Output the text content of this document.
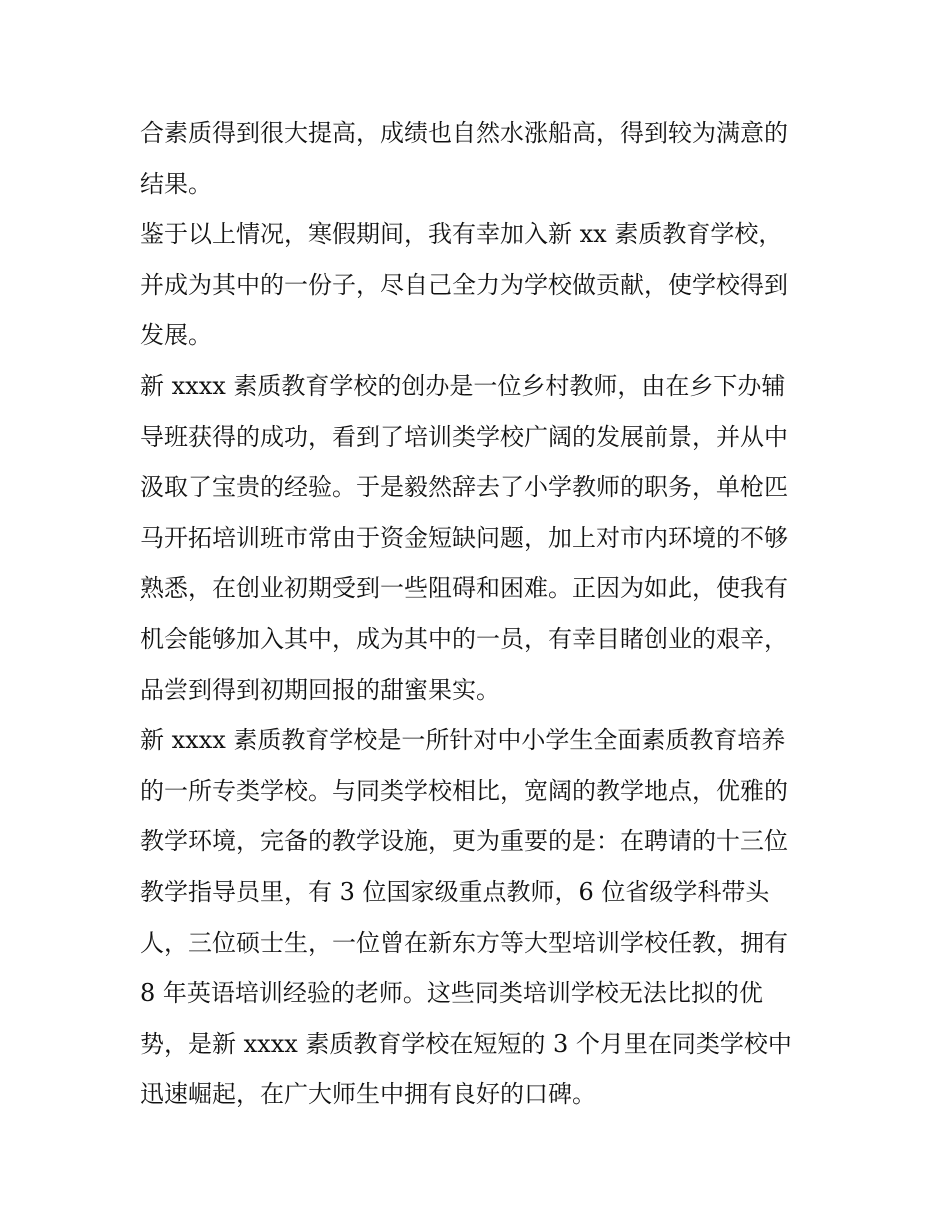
合素质得到很大提高，成绩也自然水涨船高，得到较为满意的
结果。
鉴于以上情况，寒假期间，我有幸加入新 xx 素质教育学校，
并成为其中的一份子，尽自己全力为学校做贡献，使学校得到
发展。
新 xxxx 素质教育学校的创办是一位乡村教师，由在乡下办辅
导班获得的成功，看到了培训类学校广阔的发展前景，并从中
汲取了宝贵的经验。于是毅然辞去了小学教师的职务，单枪匹
马开拓培训班市常由于资金短缺问题，加上对市内环境的不够
熟悉，在创业初期受到一些阻碍和困难。正因为如此，使我有
机会能够加入其中，成为其中的一员，有幸目睹创业的艰辛，
品尝到得到初期回报的甜蜜果实。
新 xxxx 素质教育学校是一所针对中小学生全面素质教育培养
的一所专类学校。与同类学校相比，宽阔的教学地点，优雅的
教学环境，完备的教学设施，更为重要的是：在聘请的十三位
教学指导员里，有 3 位国家级重点教师，6 位省级学科带头
人，三位硕士生，一位曾在新东方等大型培训学校任教，拥有
8 年英语培训经验的老师。这些同类培训学校无法比拟的优
势，是新 xxxx 素质教育学校在短短的 3 个月里在同类学校中
迅速崛起，在广大师生中拥有良好的口碑。
